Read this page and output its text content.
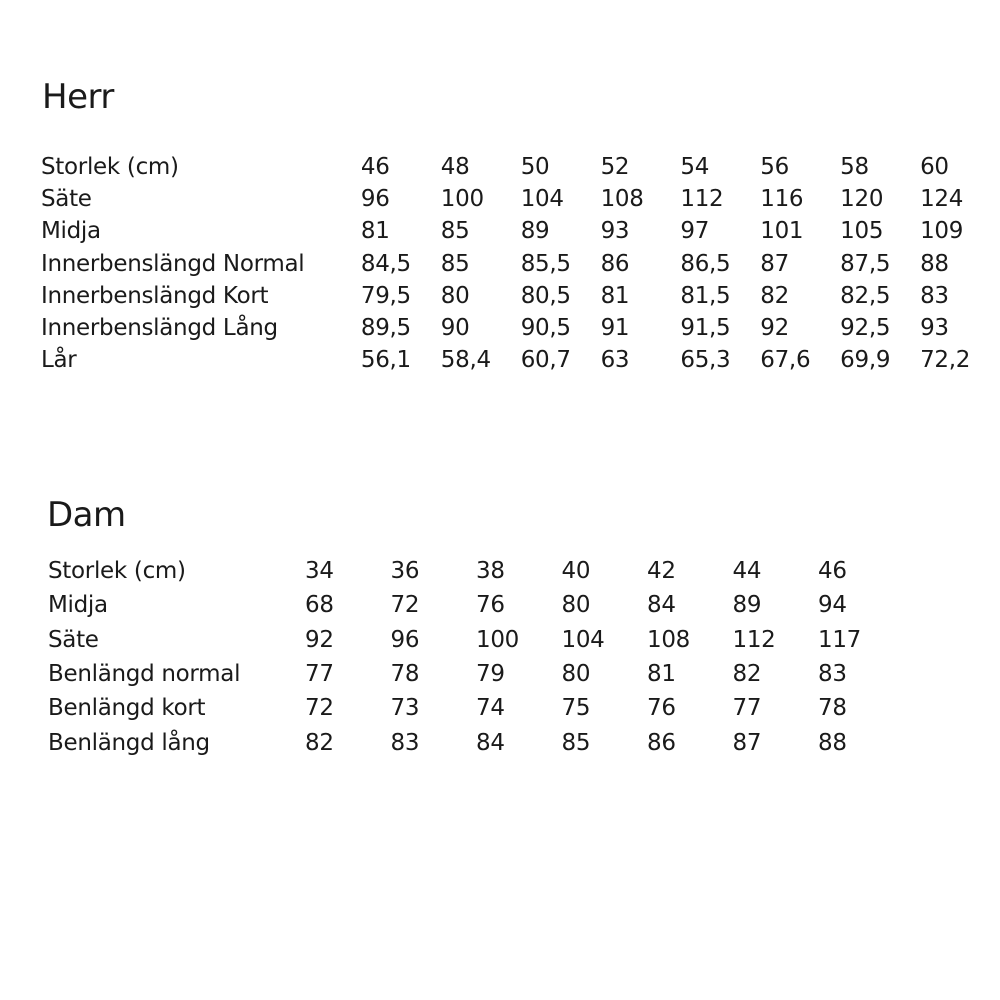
Herr
Storlek (cm)	46	48	50	52	54	56	58	60
Säte	96	100	104	108	112	116	120	124
Midja	81	85	89	93	97	101	105	109
Innerbenslängd Normal	84,5	85	85,5	86	86,5	87	87,5	88
Innerbenslängd Kort	79,5	80	80,5	81	81,5	82	82,5	83
Innerbenslängd Lång	89,5	90	90,5	91	91,5	92	92,5	93
Lår	56,1	58,4	60,7	63	65,3	67,6	69,9	72,2
Dam
Storlek (cm)	34	36	38	40	42	44	46
Midja	68	72	76	80	84	89	94
Säte	92	96	100	104	108	112	117
Benlängd normal	77	78	79	80	81	82	83
Benlängd kort	72	73	74	75	76	77	78
Benlängd lång	82	83	84	85	86	87	88
